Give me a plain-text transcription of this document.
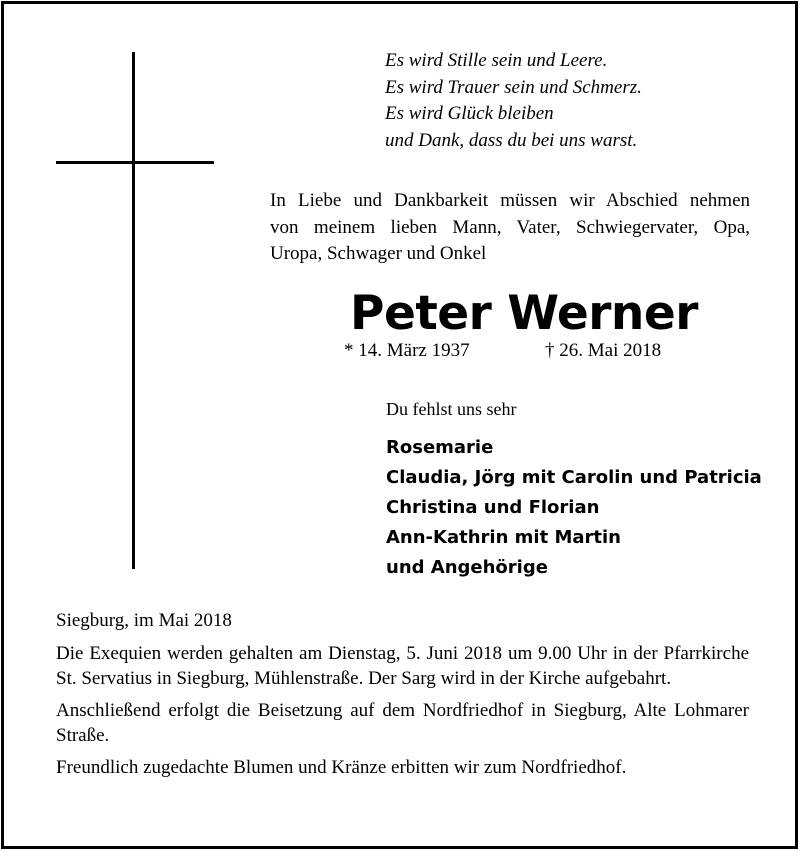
Es wird Stille sein und Leere.
Es wird Trauer sein und Schmerz.
Es wird Glück bleiben
und Dank, dass du bei uns warst.
In Liebe und Dankbarkeit müssen wir Abschied nehmen
von meinem lieben Mann, Vater, Schwiegervater, Opa,
Uropa, Schwager und Onkel
Peter Werner
* 14. März 1937	† 26. Mai 2018
Du fehlst uns sehr
Rosemarie
Claudia, Jörg mit Carolin und Patricia
Christina und Florian
Ann-Kathrin mit Martin
und Angehörige

Siegburg, im Mai 2018

Die Exequien werden gehalten am Dienstag, 5. Juni 2018 um 9.00 Uhr in der Pfarrkirche St. Servatius in Siegburg, Mühlenstraße. Der Sarg wird in der Kirche aufgebahrt.

Anschließend erfolgt die Beisetzung auf dem Nordfriedhof in Siegburg, Alte Lohmarer Straße.

Freundlich zugedachte Blumen und Kränze erbitten wir zum Nordfriedhof.
